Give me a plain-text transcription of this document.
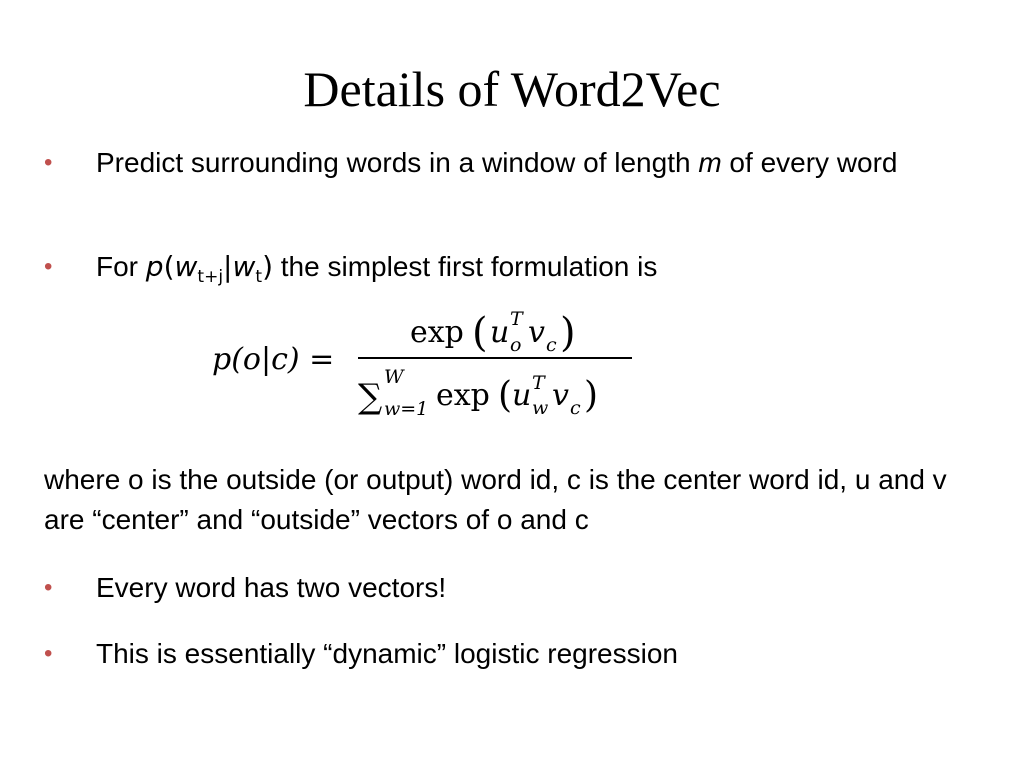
Details of Word2Vec
• Predict surrounding words in a window of length m of every word
• For $p(w_{t+j}|w_t)$ the simplest first formulation is
p(o|c) =
exp ( u T
o v c )
∑ W
w=1 exp ( u T
w v c )
where o is the outside (or output) word id, c is the center word id, u and v are “center” and “outside” vectors of o and c
• Every word has two vectors!
• This is essentially “dynamic” logistic regression
